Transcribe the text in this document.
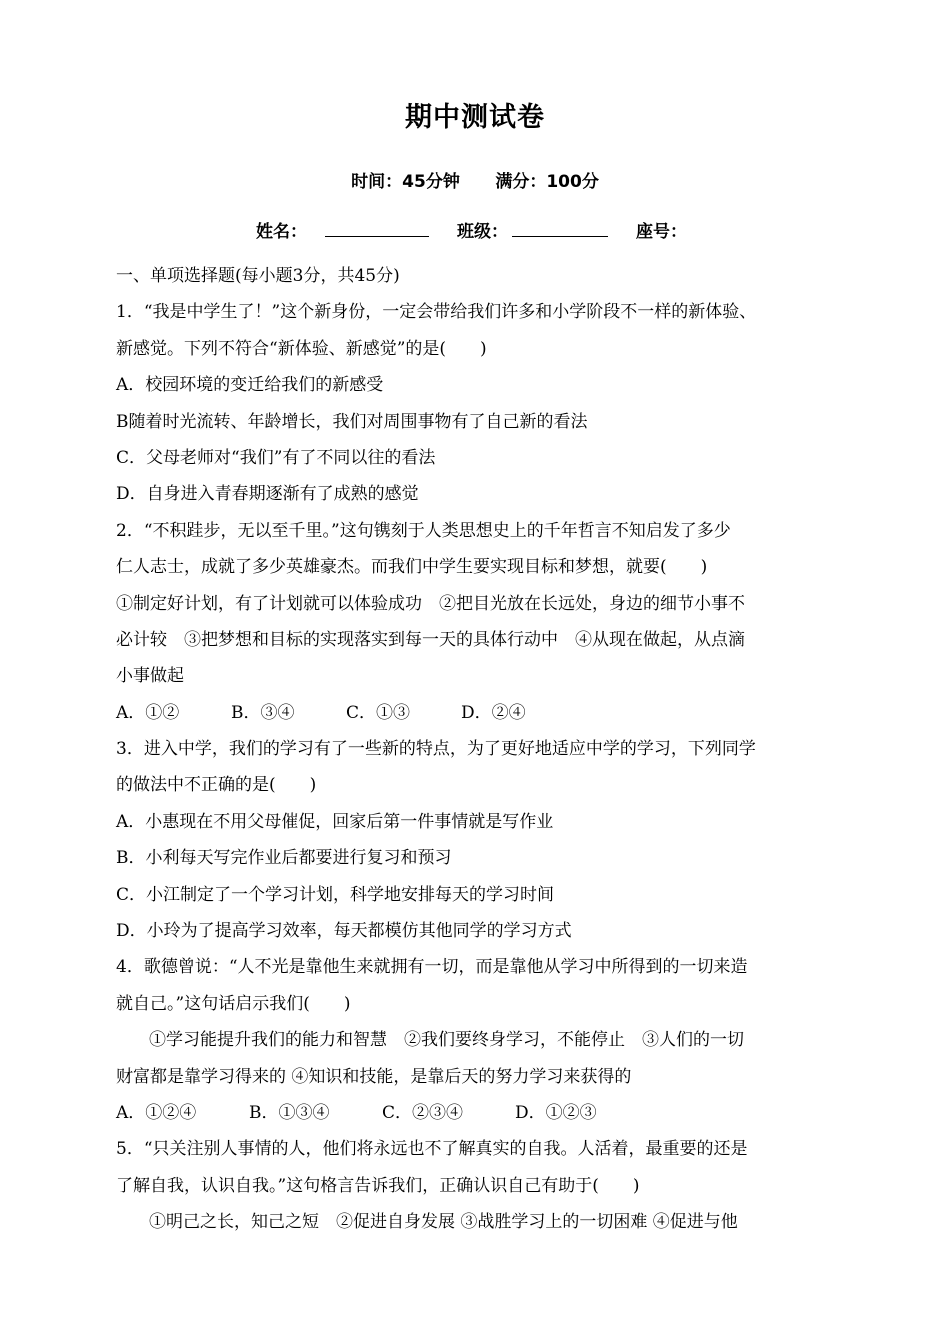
期中测试卷
时间：45分钟      满分：100分
姓名：	班级：	座号：
一、单项选择题(每小题3分，共45分)
1．“我是中学生了！”这个新身份，一定会带给我们许多和小学阶段不一样的新体验、
新感觉。下列不符合“新体验、新感觉”的是(　　)
A．校园环境的变迁给我们的新感受
B随着时光流转、年龄增长，我们对周围事物有了自己新的看法
C．父母老师对“我们”有了不同以往的看法
D．自身进入青春期逐渐有了成熟的感觉
2．“不积跬步，无以至千里。”这句镌刻于人类思想史上的千年哲言不知启发了多少
仁人志士，成就了多少英雄豪杰。而我们中学生要实现目标和梦想，就要(　　)
①制定好计划，有了计划就可以体验成功　②把目光放在长远处，身边的细节小事不
必计较　③把梦想和目标的实现落实到每一天的具体行动中　④从现在做起，从点滴
小事做起
A．①②	B．③④	C．①③	D．②④
3．进入中学，我们的学习有了一些新的特点，为了更好地适应中学的学习，下列同学
的做法中不正确的是(　　)
A．小惠现在不用父母催促，回家后第一件事情就是写作业
B．小利每天写完作业后都要进行复习和预习
C．小江制定了一个学习计划，科学地安排每天的学习时间
D．小玲为了提高学习效率，每天都模仿其他同学的学习方式
4．歌德曾说：“人不光是靠他生来就拥有一切，而是靠他从学习中所得到的一切来造
就自己。”这句话启示我们(　　)
①学习能提升我们的能力和智慧　②我们要终身学习，不能停止　③人们的一切
财富都是靠学习得来的 ④知识和技能，是靠后天的努力学习来获得的
A．①②④	B．①③④	C．②③④	D．①②③
5．“只关注别人事情的人，他们将永远也不了解真实的自我。人活着，最重要的还是
了解自我，认识自我。”这句格言告诉我们，正确认识自己有助于(　　)
①明己之长，知己之短　②促进自身发展 ③战胜学习上的一切困难 ④促进与他
